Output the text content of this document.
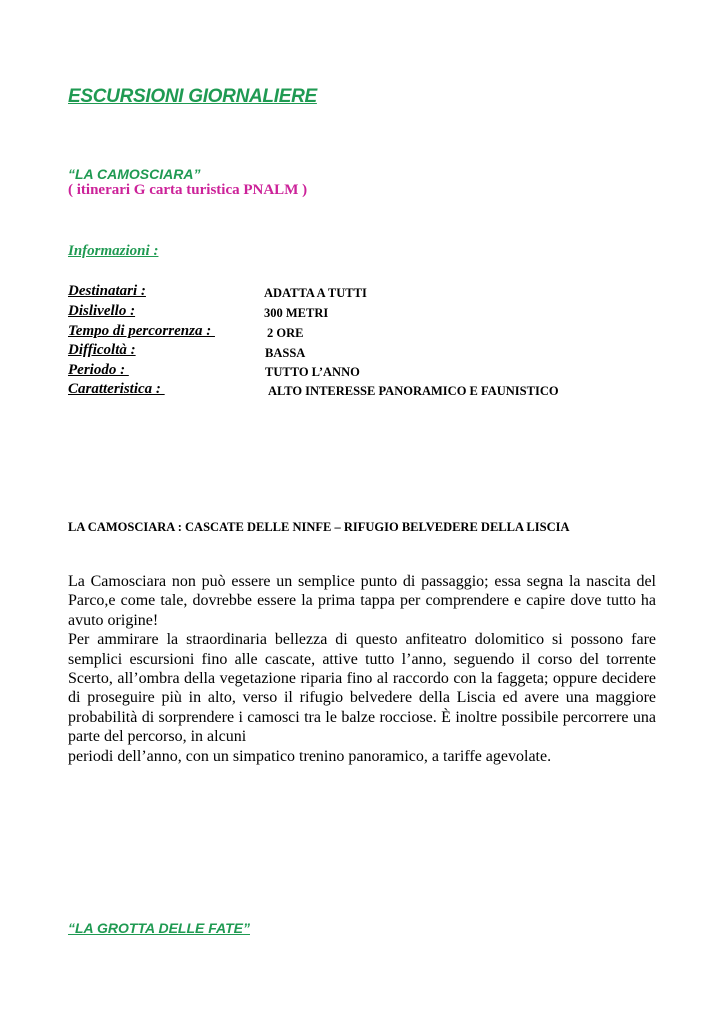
ESCURSIONI GIORNALIERE
“LA CAMOSCIARA”
( itinerari G carta turistica PNALM )
Informazioni :
Destinatari :	ADATTA A TUTTI
Dislivello :	300 METRI
Tempo di percorrenza :	2 ORE
Difficoltà :	BASSA
Periodo :	TUTTO L’ANNO
Caratteristica :	ALTO INTERESSE PANORAMICO E FAUNISTICO
LA CAMOSCIARA : CASCATE DELLE NINFE – RIFUGIO BELVEDERE DELLA LISCIA

La Camosciara non può essere un semplice punto di passaggio; essa segna la nascita del Parco,e come tale, dovrebbe essere la prima tappa per comprendere e capire dove tutto ha avuto origine!

Per ammirare la straordinaria bellezza di questo anfiteatro dolomitico si possono fare semplici escursioni fino alle cascate, attive tutto l’anno, seguendo il corso del torrente Scerto, all’ombra della vegetazione riparia fino al raccordo con la faggeta; oppure decidere di proseguire più in alto, verso il rifugio belvedere della Liscia ed avere una maggiore probabilità di sorprendere i camosci tra le balze rocciose. È inoltre possibile percorrere una parte del percorso, in alcuni

periodi dell’anno, con un simpatico trenino panoramico, a tariffe agevolate.

“LA GROTTA DELLE FATE”
